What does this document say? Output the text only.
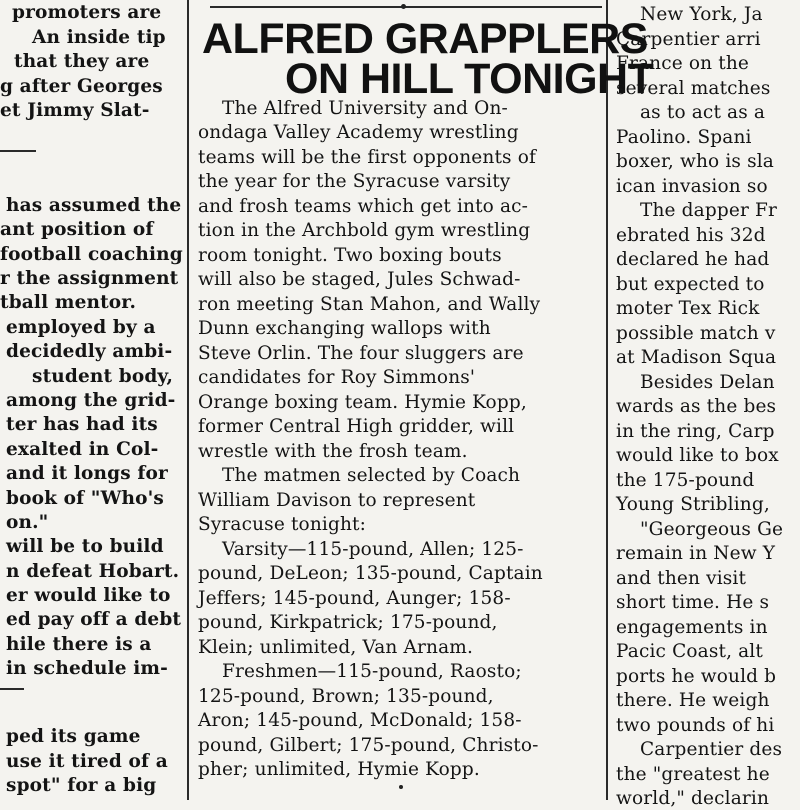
promoters are
An inside tip
that they are
g after Georges
et Jimmy Slat-
has assumed the
ant position of
football coaching
r the assignment
tball mentor.
employed by a
decidedly ambi-
student body,
among the grid-
ter has had its
exalted in Col-
and it longs for
book of "Who's
on."
will be to build
n defeat Hobart.
er would like to
ed pay off a debt
hile there is a
in schedule im-
ped its game
use it tired of a
spot" for a big
ALFRED GRAPPLERS
ON HILL TONIGHT
The Alfred University and On-
ondaga Valley Academy wrestling
teams will be the first opponents of
the year for the Syracuse varsity
and frosh teams which get into ac-
tion in the Archbold gym wrestling
room tonight. Two boxing bouts
will also be staged, Jules Schwad-
ron meeting Stan Mahon, and Wally
Dunn exchanging wallops with
Steve Orlin. The four sluggers are
candidates for Roy Simmons'
Orange boxing team. Hymie Kopp,
former Central High gridder, will
wrestle with the frosh team.
The matmen selected by Coach
William Davison to represent
Syracuse tonight:
Varsity—115-pound, Allen; 125-
pound, DeLeon; 135-pound, Captain
Jeffers; 145-pound, Aunger; 158-
pound, Kirkpatrick; 175-pound,
Klein; unlimited, Van Arnam.
Freshmen—115-pound, Raosto;
125-pound, Brown; 135-pound,
Aron; 145-pound, McDonald; 158-
pound, Gilbert; 175-pound, Christo-
pher; unlimited, Hymie Kopp.
New York, Ja
Carpentier arri
France on the
several matches
as to act as a
Paolino. Spani
boxer, who is sla
ican invasion so
The dapper Fr
ebrated his 32d
declared he had
but expected to
moter Tex Rick
possible match v
at Madison Squa
Besides Delan
wards as the bes
in the ring, Carp
would like to box
the 175-pound
Young Stribling,
"Georgeous Ge
remain in New Y
and then visit
short time. He s
engagements in
Pacic Coast, alt
ports he would b
there. He weigh
two pounds of hi
Carpentier des
the "greatest he
world," declarin
